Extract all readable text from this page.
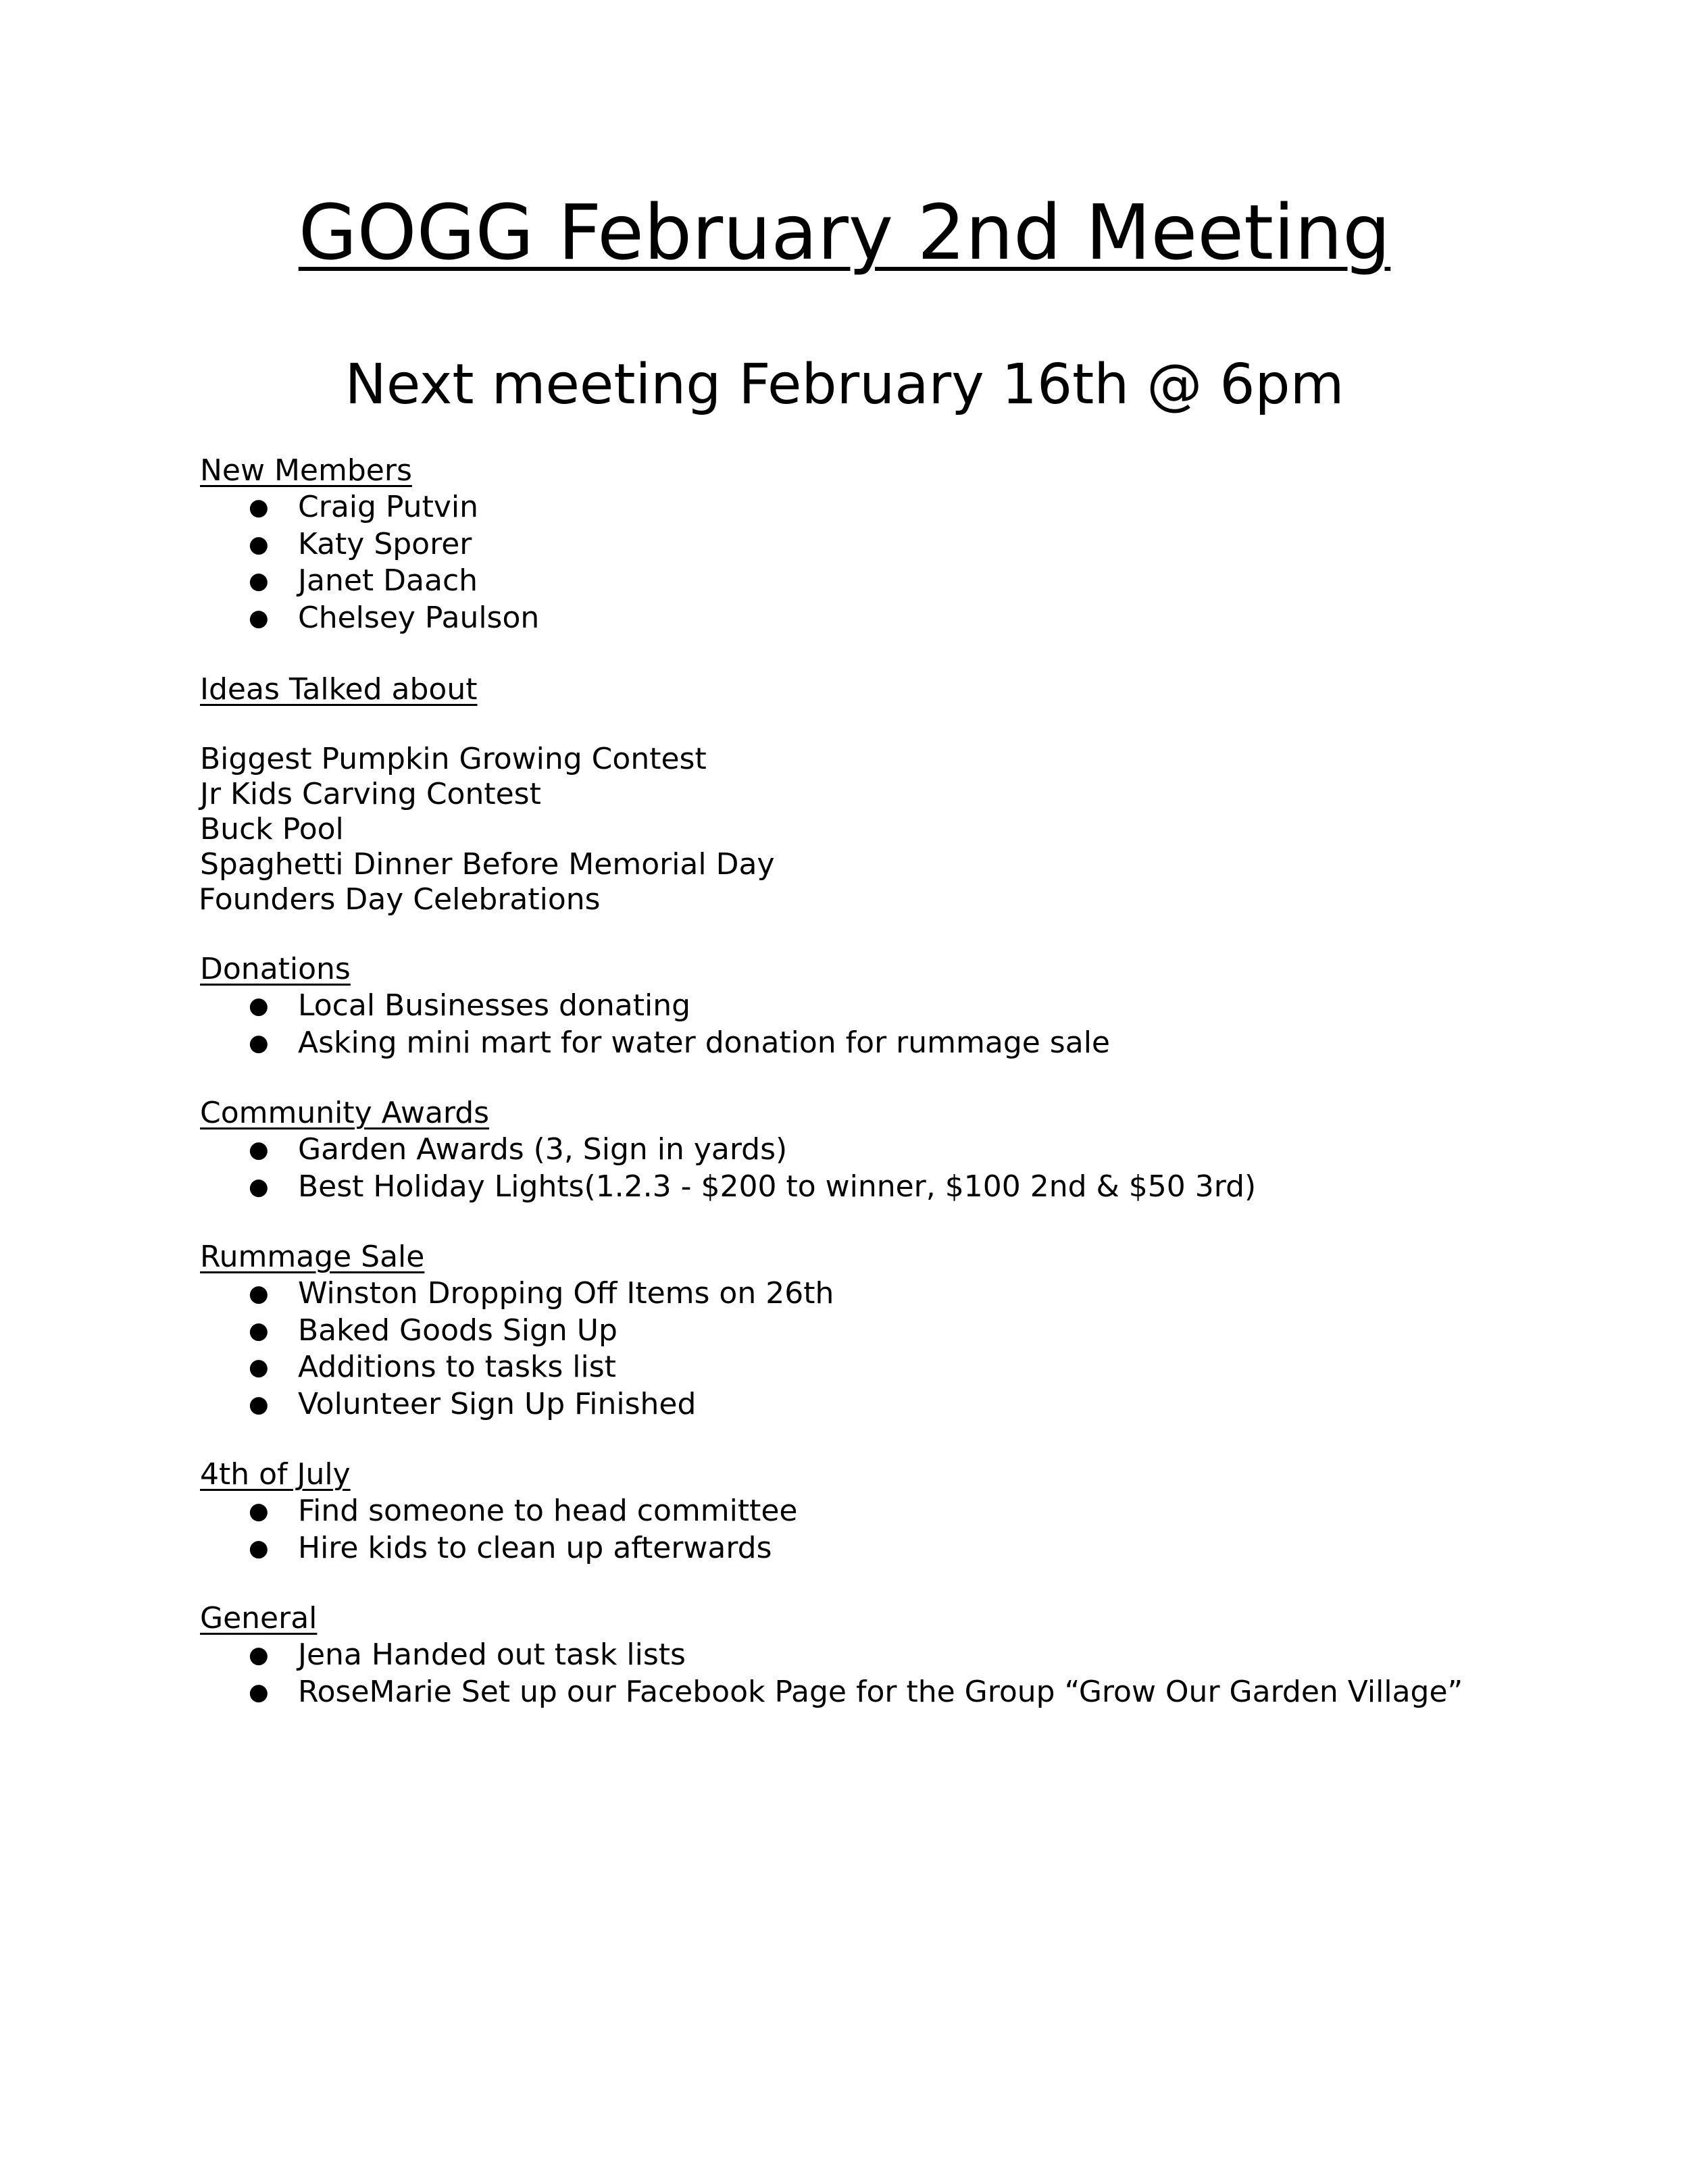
GOGG February 2nd Meeting
Next meeting February 16th @ 6pm
New Members
● Craig Putvin
● Katy Sporer
● Janet Daach
● Chelsey Paulson
Ideas Talked about
Biggest Pumpkin Growing Contest
Jr Kids Carving Contest
Buck Pool
Spaghetti Dinner Before Memorial Day
Founders Day Celebrations
Donations
● Local Businesses donating
● Asking mini mart for water donation for rummage sale
Community Awards
● Garden Awards (3, Sign in yards)
● Best Holiday Lights(1.2.3 - $200 to winner, $100 2nd & $50 3rd)
Rummage Sale
● Winston Dropping Off Items on 26th
● Baked Goods Sign Up
● Additions to tasks list
● Volunteer Sign Up Finished
4th of July
● Find someone to head committee
● Hire kids to clean up afterwards
General
● Jena Handed out task lists
● RoseMarie Set up our Facebook Page for the Group “Grow Our Garden Village”
